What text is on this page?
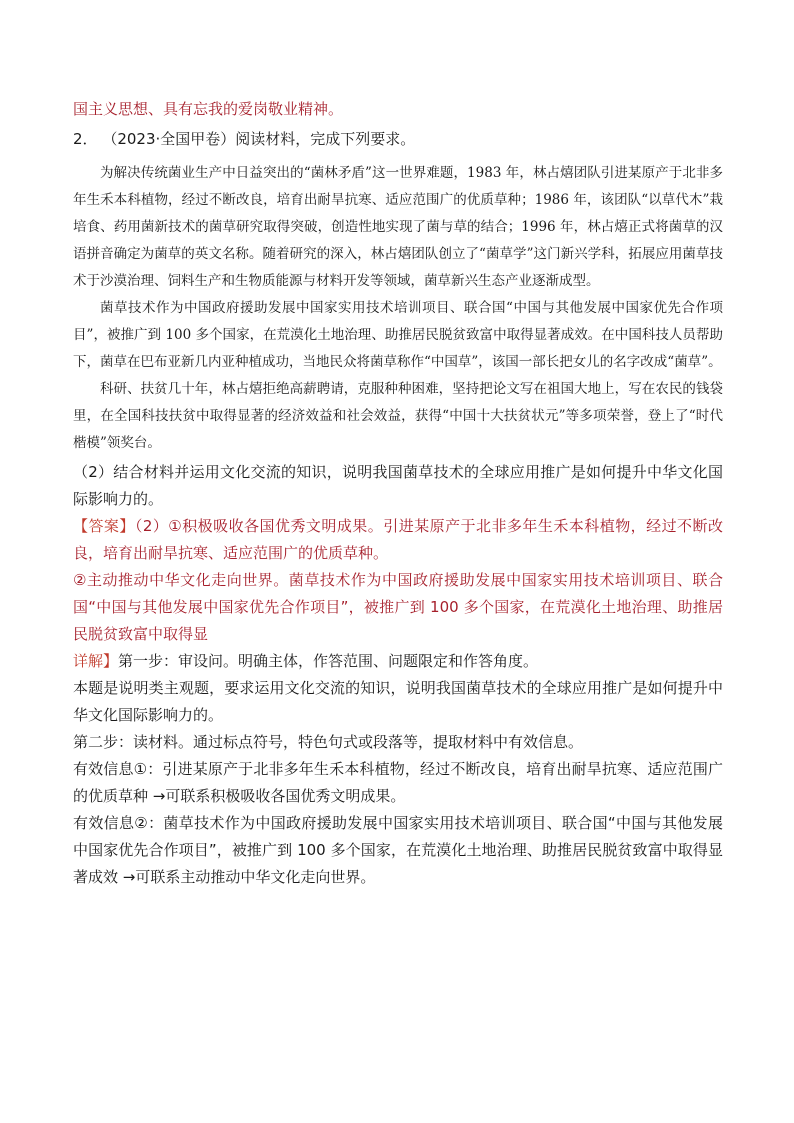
国主义思想、具有忘我的爱岗敬业精神。
2． （2023·全国甲卷）阅读材料，完成下列要求。

为解决传统菌业生产中日益突出的“菌林矛盾”这一世界难题，1983 年，林占熺团队引进某原产于北非多年生禾本科植物，经过不断改良，培育出耐旱抗寒、适应范围广的优质草种；1986 年，该团队“以草代木”栽培食、药用菌新技术的菌草研究取得突破，创造性地实现了菌与草的结合；1996 年，林占熺正式将菌草的汉语拼音确定为菌草的英文名称。随着研究的深入，林占熺团队创立了“菌草学”这门新兴学科，拓展应用菌草技术于沙漠治理、饲料生产和生物质能源与材料开发等领域，菌草新兴生态产业逐渐成型。

菌草技术作为中国政府援助发展中国家实用技术培训项目、联合国“中国与其他发展中国家优先合作项目”，被推广到 100 多个国家，在荒漠化土地治理、助推居民脱贫致富中取得显著成效。在中国科技人员帮助下，菌草在巴布亚新几内亚种植成功，当地民众将菌草称作“中国草”，该国一部长把女儿的名字改成“菌草”。

科研、扶贫几十年，林占熺拒绝高薪聘请，克服种种困难，坚持把论文写在祖国大地上，写在农民的钱袋里，在全国科技扶贫中取得显著的经济效益和社会效益，获得“中国十大扶贫状元”等多项荣誉，登上了“时代楷模”领奖台。

（2）结合材料并运用文化交流的知识，说明我国菌草技术的全球应用推广是如何提升中华文化国际影响力的。

【答案】（2）①积极吸收各国优秀文明成果。引进某原产于北非多年生禾本科植物，经过不断改良，培育出耐旱抗寒、适应范围广的优质草种。

②主动推动中华文化走向世界。菌草技术作为中国政府援助发展中国家实用技术培训项目、联合国“中国与其他发展中国家优先合作项目”，被推广到 100 多个国家，在荒漠化土地治理、助推居民脱贫致富中取得显

详解】第一步：审设问。明确主体，作答范围、问题限定和作答角度。

本题是说明类主观题，要求运用文化交流的知识，说明我国菌草技术的全球应用推广是如何提升中华文化国际影响力的。

第二步：读材料。通过标点符号，特色句式或段落等，提取材料中有效信息。

有效信息①：引进某原产于北非多年生禾本科植物，经过不断改良，培育出耐旱抗寒、适应范围广的优质草种 →可联系积极吸收各国优秀文明成果。

有效信息②：菌草技术作为中国政府援助发展中国家实用技术培训项目、联合国“中国与其他发展中国家优先合作项目”，被推广到 100 多个国家，在荒漠化土地治理、助推居民脱贫致富中取得显著成效 →可联系主动推动中华文化走向世界。
